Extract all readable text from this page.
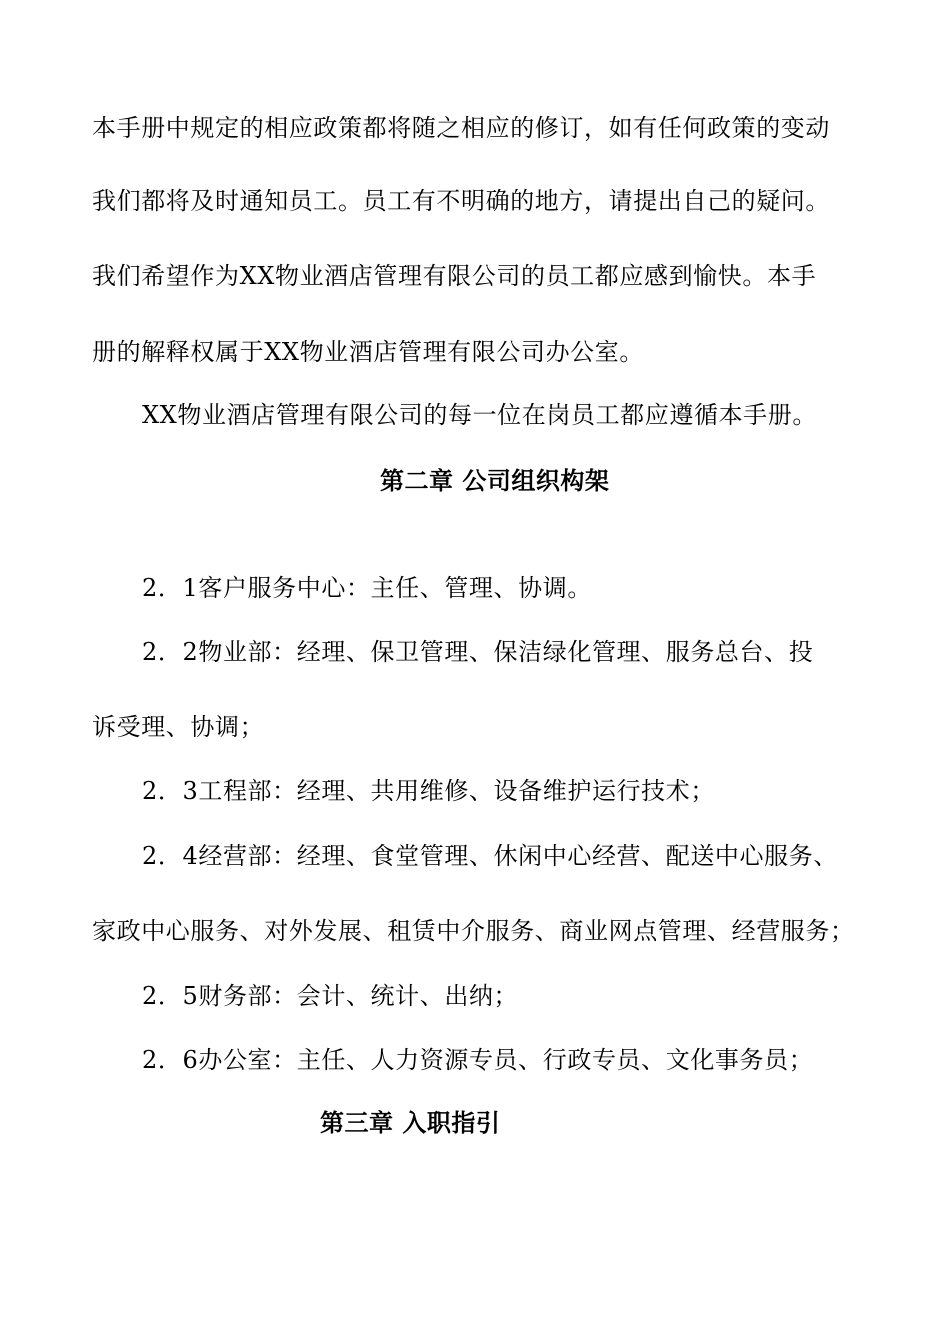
本手册中规定的相应政策都将随之相应的修订，如有任何政策的变动
我们都将及时通知员工。员工有不明确的地方，请提出自己的疑问。
我们希望作为XX物业酒店管理有限公司的员工都应感到愉快。本手
册的解释权属于XX物业酒店管理有限公司办公室。
XX物业酒店管理有限公司的每一位在岗员工都应遵循本手册。
第二章 公司组织构架
2．1客户服务中心：主任、管理、协调。
2．2物业部：经理、保卫管理、保洁绿化管理、服务总台、投
诉受理、协调；
2．3工程部：经理、共用维修、设备维护运行技术；
2．4经营部：经理、食堂管理、休闲中心经营、配送中心服务、
家政中心服务、对外发展、租赁中介服务、商业网点管理、经营服务；
2．5财务部：会计、统计、出纳；
2．6办公室：主任、人力资源专员、行政专员、文化事务员；
第三章 入职指引
